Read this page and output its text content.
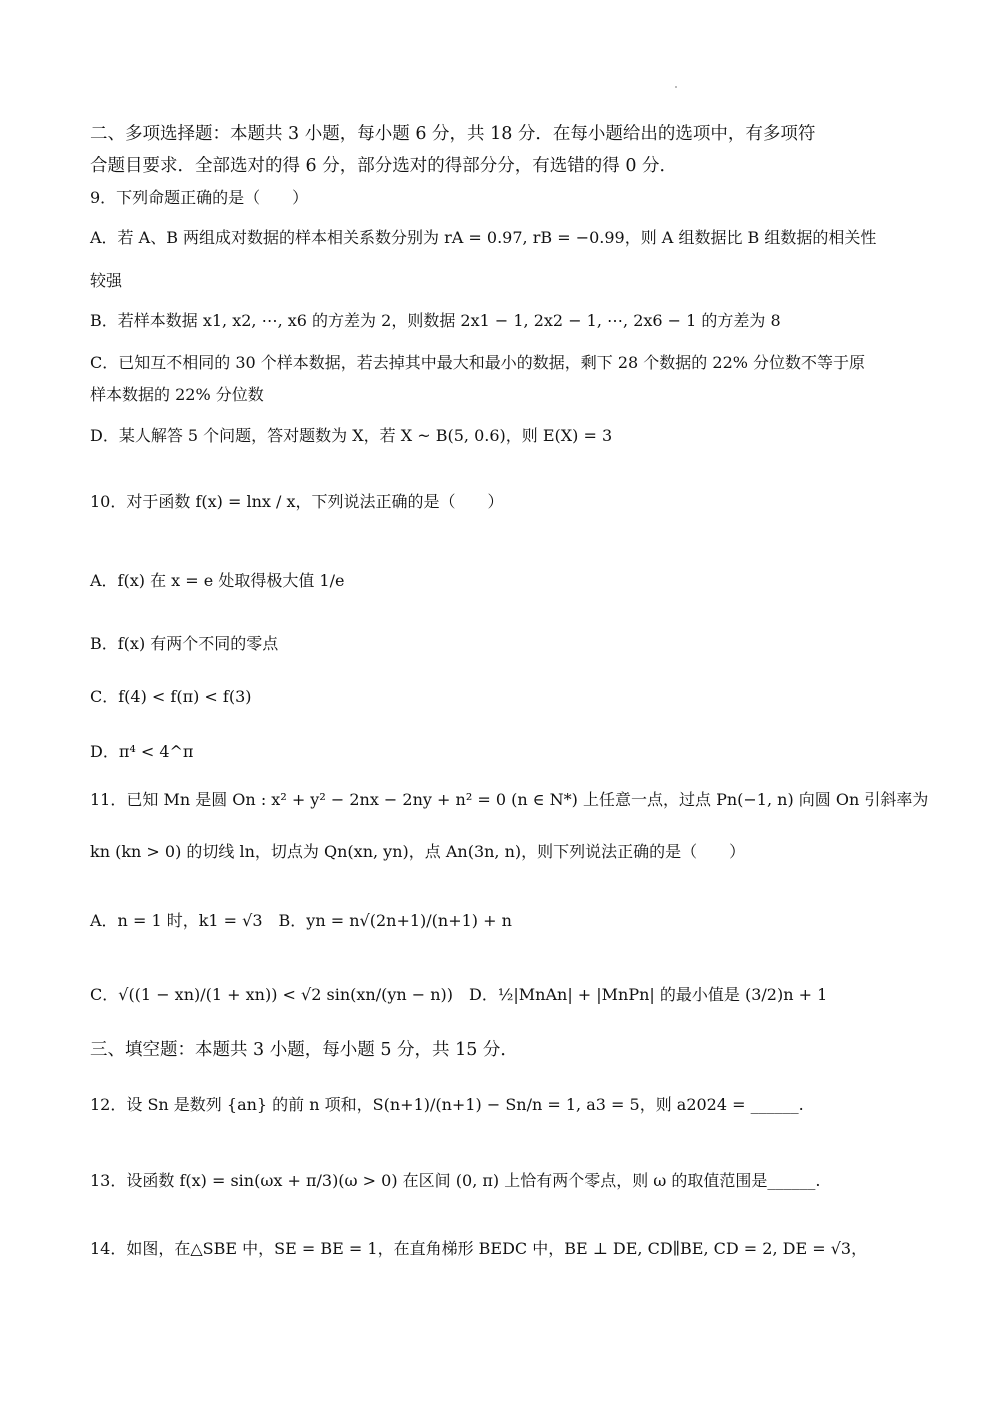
二、多项选择题：本题共 3 小题，每小题 6 分，共 18 分．在每小题给出的选项中，有多项符
合题目要求．全部选对的得 6 分，部分选对的得部分分，有选错的得 0 分．
9．下列命题正确的是（　　）
A．若 A、B 两组成对数据的样本相关系数分别为 rA = 0.97, rB = −0.99，则 A 组数据比 B 组数据的相关性
较强
B．若样本数据 x1, x2, ⋯, x6 的方差为 2，则数据 2x1 − 1, 2x2 − 1, ⋯, 2x6 − 1 的方差为 8
C．已知互不相同的 30 个样本数据，若去掉其中最大和最小的数据，剩下 28 个数据的 22% 分位数不等于原
样本数据的 22% 分位数
D．某人解答 5 个问题，答对题数为 X，若 X ~ B(5, 0.6)，则 E(X) = 3
10．对于函数 f(x) = lnx / x，下列说法正确的是（　　）
A．f(x) 在 x = e 处取得极大值 1/e
B．f(x) 有两个不同的零点
C．f(4) < f(π) < f(3)
D．π⁴ < 4^π
11．已知 Mn 是圆 On : x² + y² − 2nx − 2ny + n² = 0 (n ∈ N*) 上任意一点，过点 Pn(−1, n) 向圆 On 引斜率为
kn (kn > 0) 的切线 ln，切点为 Qn(xn, yn)，点 An(3n, n)，则下列说法正确的是（　　）
A．n = 1 时，k1 = √3　B．yn = n√(2n+1)/(n+1) + n
C．√((1 − xn)/(1 + xn)) < √2 sin(xn/(yn − n))　D．½|MnAn| + |MnPn| 的最小值是 (3/2)n + 1
三、填空题：本题共 3 小题，每小题 5 分，共 15 分．
12．设 Sn 是数列 {an} 的前 n 项和，S(n+1)/(n+1) − Sn/n = 1, a3 = 5，则 a2024 = ______.
13．设函数 f(x) = sin(ωx + π/3)(ω > 0) 在区间 (0, π) 上恰有两个零点，则 ω 的取值范围是______.
14．如图，在△SBE 中，SE = BE = 1，在直角梯形 BEDC 中，BE ⊥ DE, CD∥BE, CD = 2, DE = √3，
